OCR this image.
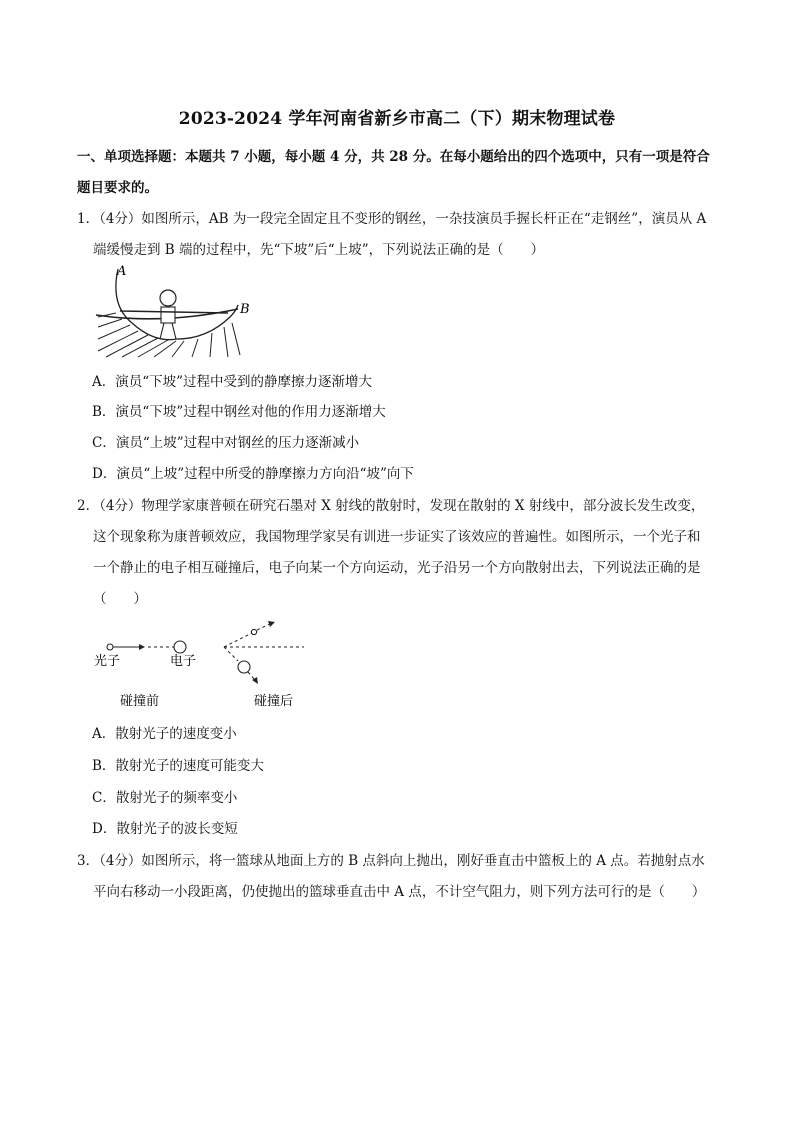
2023-2024 学年河南省新乡市高二（下）期末物理试卷
一、单项选择题：本题共 7 小题，每小题 4 分，共 28 分。在每小题给出的四个选项中，只有一项是符合
题目要求的。
1．（4分）如图所示，AB 为一段完全固定且不变形的钢丝，一杂技演员手握长杆正在“走钢丝”，演员从 A
端缓慢走到 B 端的过程中，先“下坡”后“上坡”，下列说法正确的是（　　）
A
B
A．演员“下坡”过程中受到的静摩擦力逐渐增大
B．演员“下坡”过程中钢丝对他的作用力逐渐增大
C．演员“上坡”过程中对钢丝的压力逐渐减小
D．演员“上坡”过程中所受的静摩擦力方向沿“坡”向下
2．（4分）物理学家康普顿在研究石墨对 X 射线的散射时，发现在散射的 X 射线中，部分波长发生改变，
这个现象称为康普顿效应，我国物理学家吴有训进一步证实了该效应的普遍性。如图所示，一个光子和
一个静止的电子相互碰撞后，电子向某一个方向运动，光子沿另一个方向散射出去，下列说法正确的是
（　　）
光子	电子
碰撞前	碰撞后
A．散射光子的速度变小
B．散射光子的速度可能变大
C．散射光子的频率变小
D．散射光子的波长变短
3．（4分）如图所示，将一篮球从地面上方的 B 点斜向上抛出，刚好垂直击中篮板上的 A 点。若抛射点水
平向右移动一小段距离，仍使抛出的篮球垂直击中 A 点，不计空气阻力，则下列方法可行的是（　　）
